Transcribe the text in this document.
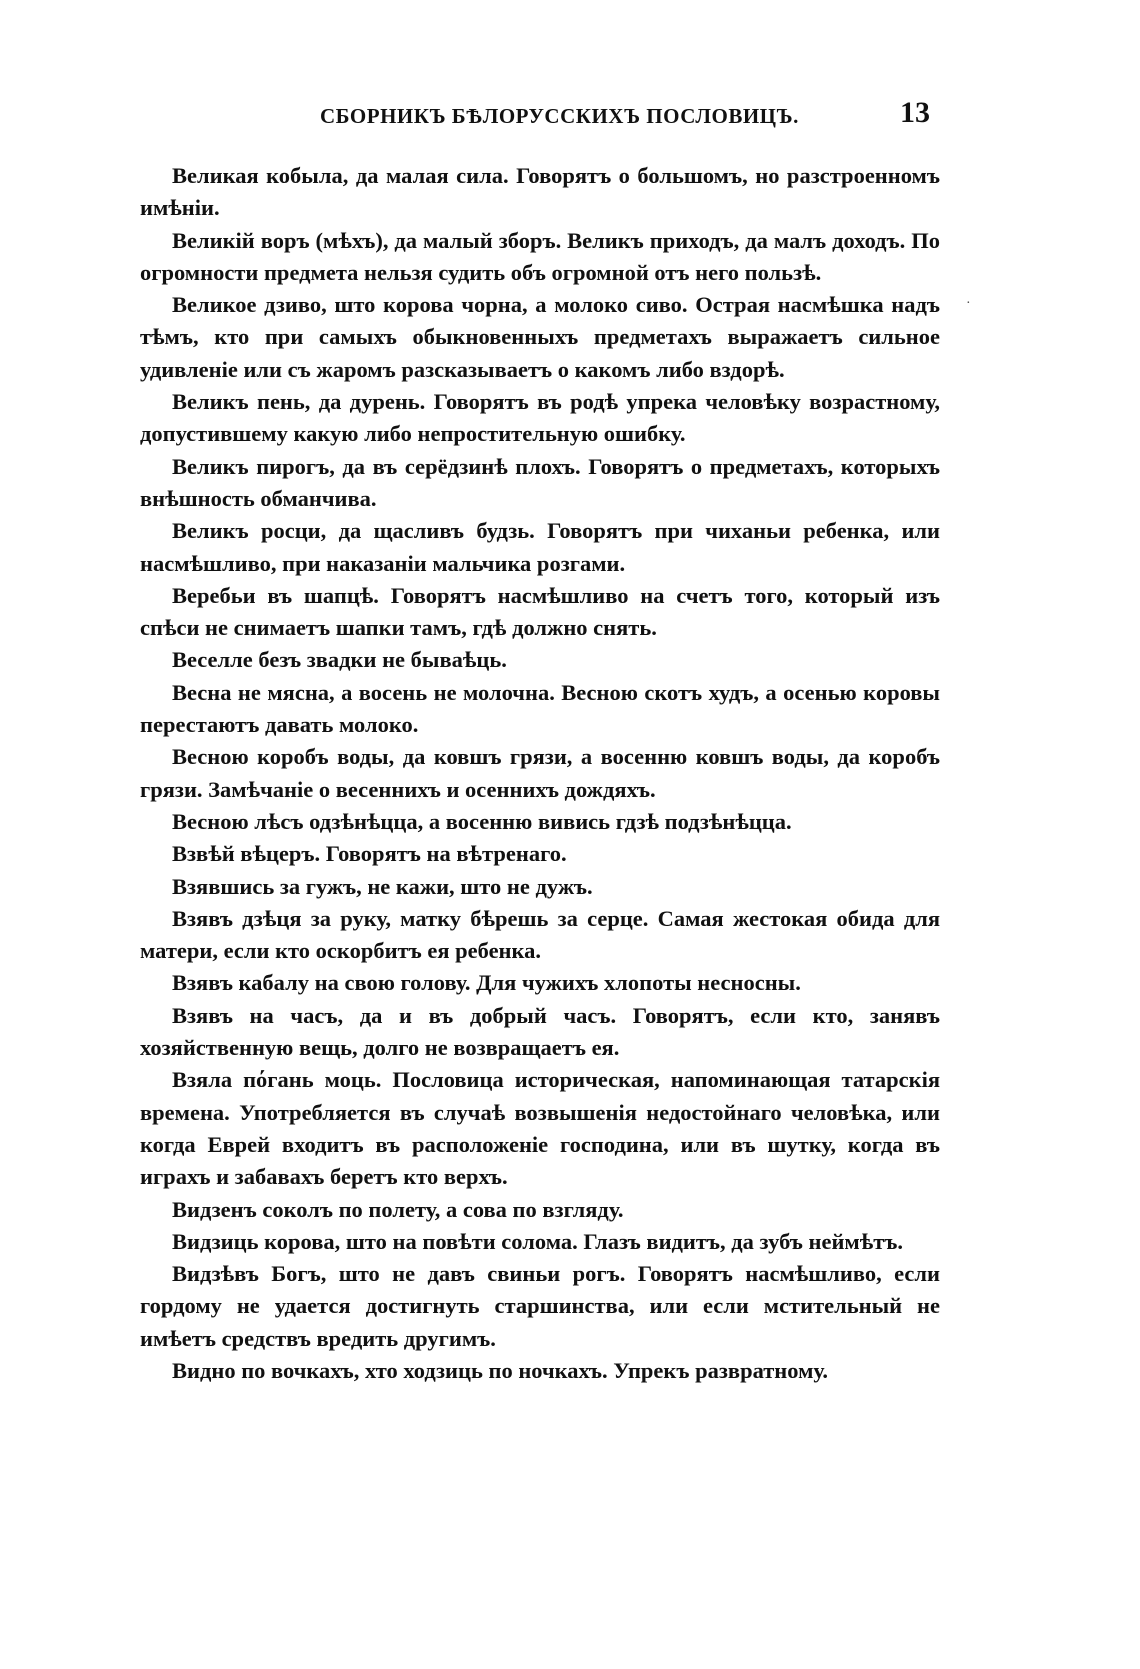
СБОРНИКЪ БѢЛОРУССКИХЪ ПОСЛОВИЦЪ.	13

Великая кобыла, да малая сила. Говорятъ о большомъ, но разстроенномъ имѣніи.

Великій воръ (мѣхъ), да малый зборъ. Великъ приходъ, да малъ доходъ. По огромности предмета нельзя судить объ огромной отъ него пользѣ.

Великое дзиво, што корова чорна, а молоко сиво. Острая насмѣшка надъ тѣмъ, кто при самыхъ обыкновенныхъ предметахъ выражаетъ сильное удивленіе или съ жаромъ разсказываетъ о какомъ либо вздорѣ.

Великъ пень, да дурень. Говорятъ въ родѣ упрека человѣку возрастному, допустившему какую либо непростительную ошибку.

Великъ пирогъ, да въ серёдзинѣ плохъ. Говорятъ о предметахъ, которыхъ внѣшность обманчива.

Великъ росци, да щасливъ будзь. Говорятъ при чиханьи ребенка, или насмѣшливо, при наказаніи мальчика розгами.

Веребьи въ шапцѣ. Говорятъ насмѣшливо на счетъ того, который изъ спѣси не снимаетъ шапки тамъ, гдѣ должно снять.

Веселле безъ звадки не бываѣць.

Весна не мясна, а восень не молочна. Весною скотъ худъ, а осенью коровы перестаютъ давать молоко.

Весною коробъ воды, да ковшъ грязи, а восенню ковшъ воды, да коробъ грязи. Замѣчаніе о весеннихъ и осеннихъ дождяхъ.

Весною лѣсъ одзѣнѣцца, а восенню вивись гдзѣ подзѣнѣцца.

Взвѣй вѣцеръ. Говорятъ на вѣтренаго.

Взявшись за гужъ, не кажи, што не дужъ.

Взявъ дзѣця за руку, матку бѣрешь за серце. Самая жестокая обида для матери, если кто оскорбитъ ея ребенка.

Взявъ кабалу на свою голову. Для чужихъ хлопоты несносны.

Взявъ на часъ, да и въ добрый часъ. Говорятъ, если кто, занявъ хозяйственную вещь, долго не возвращаетъ ея.

Взяла пόгань моць. Пословица историческая, напоминающая татарскія времена. Употребляется въ случаѣ возвышенія недостойнаго человѣка, или когда Еврей входитъ въ расположеніе господина, или въ шутку, когда въ играхъ и забавахъ беретъ кто верхъ.

Видзенъ соколъ по полету, а сова по взгляду.

Видзиць корова, што на повѣти солома. Глазъ видитъ, да зубъ неймѣтъ.

Видзѣвъ Богъ, што не давъ свиньи рогъ. Говорятъ насмѣшливо, если гордому не удается достигнуть старшинства, или если мстительный не имѣетъ средствъ вредить другимъ.

Видно по вочкахъ, хто ходзиць по ночкахъ. Упрекъ развратному.

·
